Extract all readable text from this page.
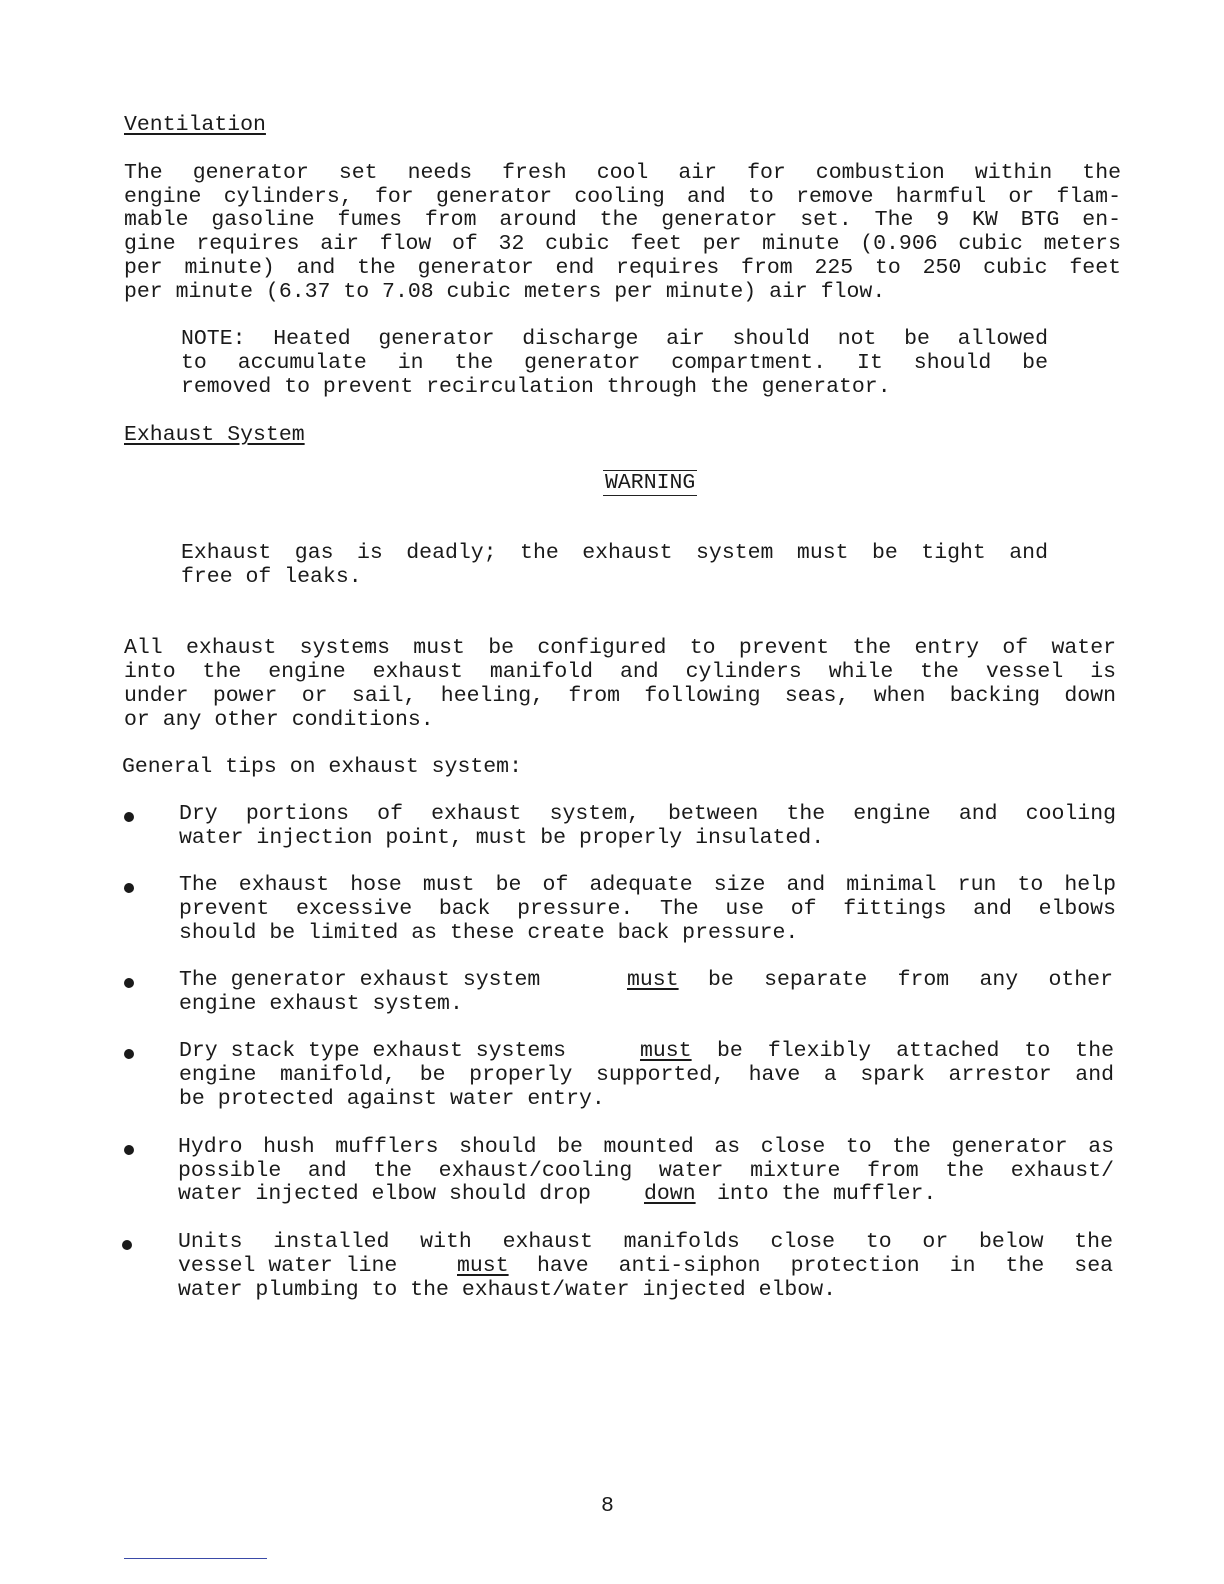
Ventilation
The generator set needs fresh cool air for combustion within the
engine cylinders, for generator cooling and to remove harmful or flam-
mable gasoline fumes from around the generator set. The 9 KW BTG en-
gine requires air flow of 32 cubic feet per minute (0.906 cubic meters
per minute) and the generator end requires from 225 to 250 cubic feet
per minute (6.37 to 7.08 cubic meters per minute) air flow.
NOTE: Heated generator discharge air should not be allowed
to accumulate in the generator compartment. It should be
removed to prevent recirculation through the generator.
Exhaust System
WARNING
Exhaust gas is deadly; the exhaust system must be tight and
free of leaks.
All exhaust systems must be configured to prevent the entry of water
into the engine exhaust manifold and cylinders while the vessel is
under power or sail, heeling, from following seas, when backing down
or any other conditions.
General tips on exhaust system:
Dry portions of exhaust system, between the engine and cooling
water injection point, must be properly insulated.
The exhaust hose must be of adequate size and minimal run to help
prevent excessive back pressure. The use of fittings and elbows
should be limited as these create back pressure.
The generator exhaust system	must be separate from any other
engine exhaust system.
Dry stack type exhaust systems	must be flexibly attached to the
engine manifold, be properly supported, have a spark arrestor and
be protected against water entry.
Hydro hush mufflers should be mounted as close to the generator as
possible and the exhaust/cooling water mixture from the exhaust/
water injected elbow should drop down into the muffler.
Units installed with exhaust manifolds close to or below the
vessel water line	must have anti-siphon protection in the sea
water plumbing to the exhaust/water injected elbow.
8
